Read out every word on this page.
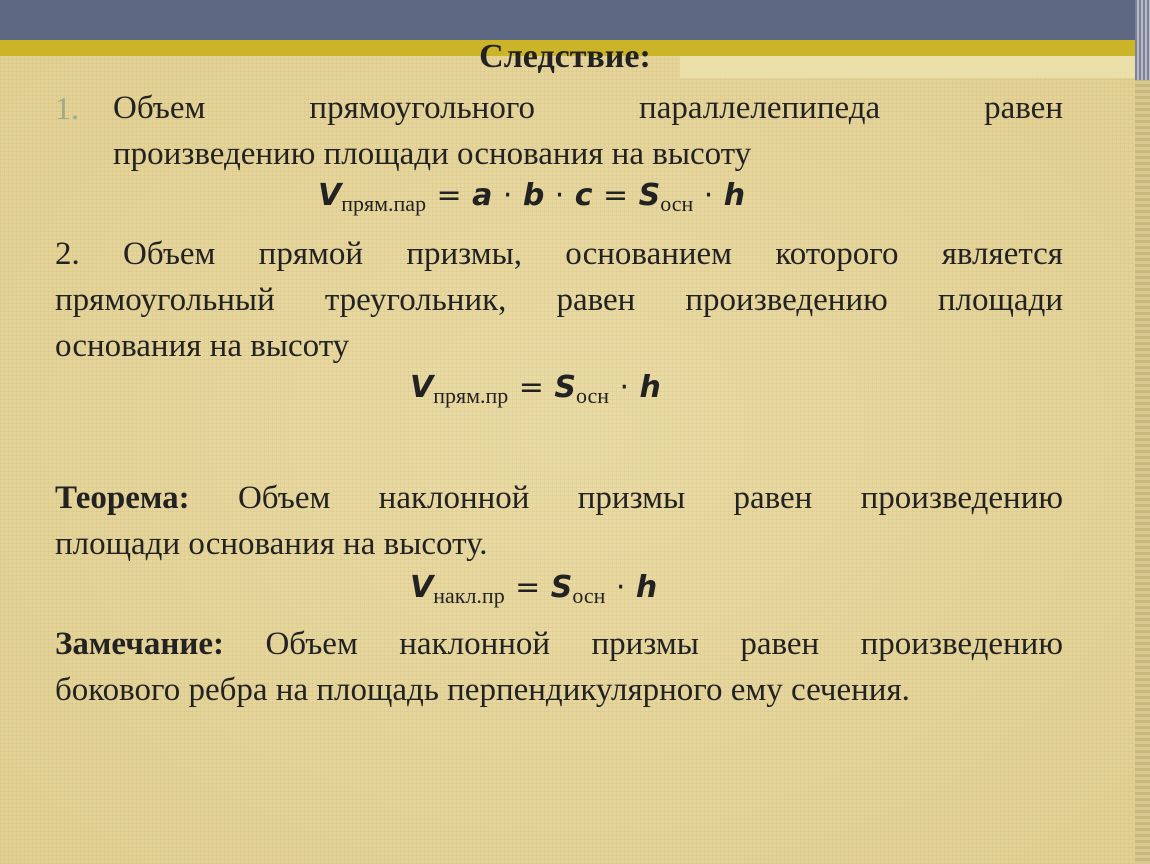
Следствие:
1. Объем прямоугольного параллелепипеда равен
произведению площади основания на высоту
$V_{прям.пар} = a \cdot b \cdot c = S_{осн} \cdot h$
2. Объем прямой призмы, основанием которого является
прямоугольный треугольник, равен произведению площади
основания на высоту
$V_{прям.пр} = S_{осн} \cdot h$
Теорема: Объем наклонной призмы равен произведению
площади основания на высоту.
$V_{накл.пр} = S_{осн} \cdot h$
Замечание: Объем наклонной призмы равен произведению
бокового ребра на площадь перпендикулярного ему сечения.
